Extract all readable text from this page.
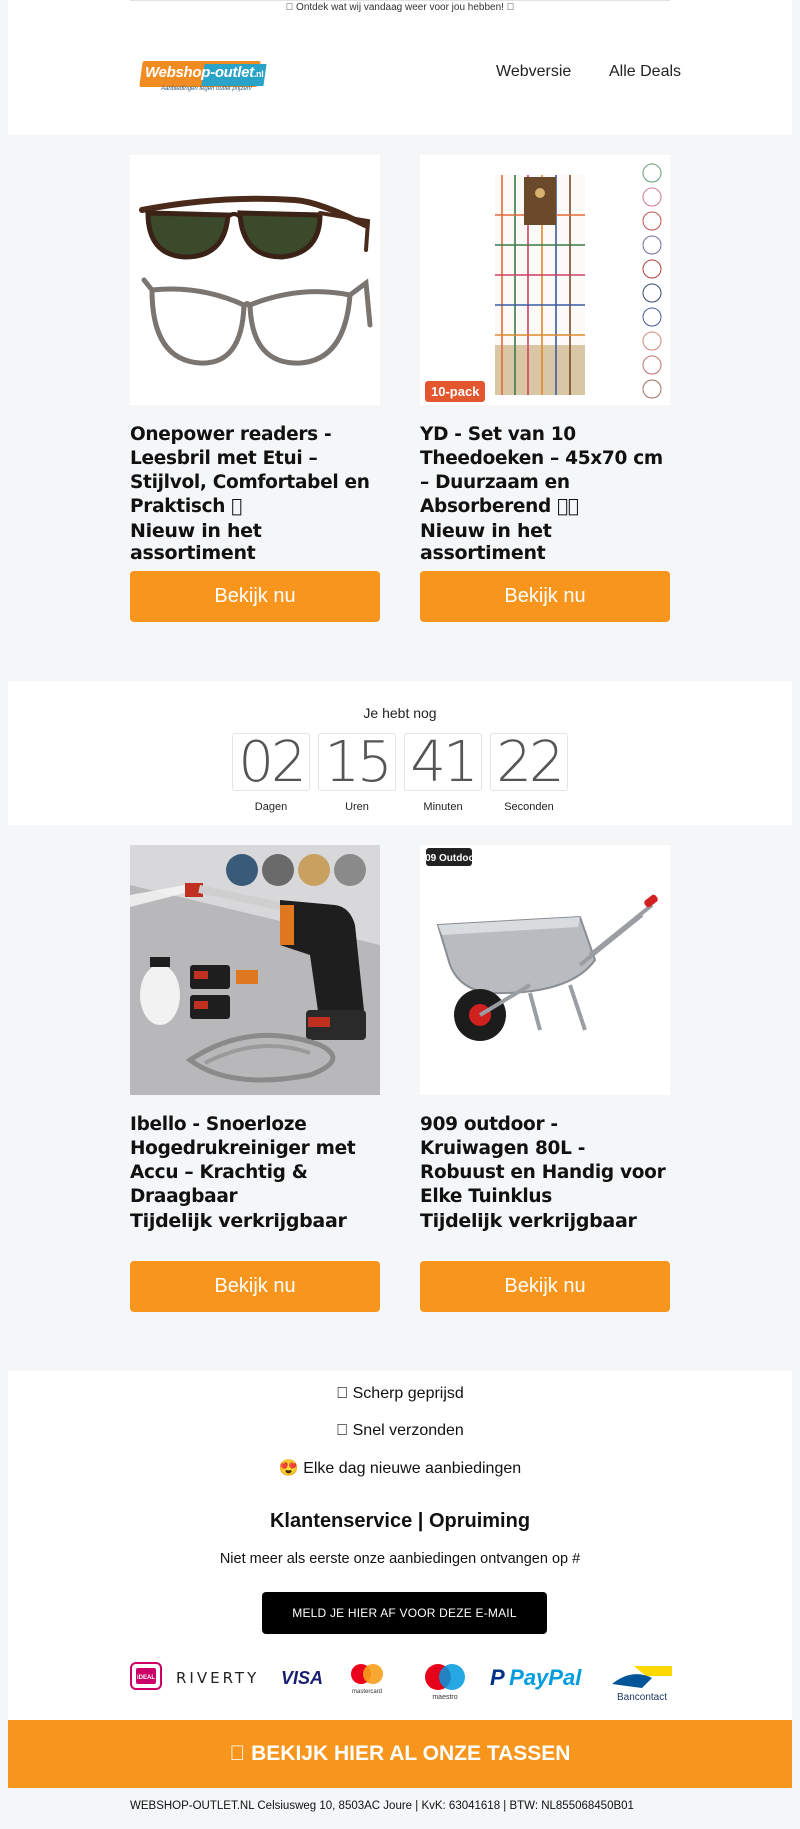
  Ontdek wat wij vandaag weer voor jou hebben!  
Webshop-outlet.nl
Aanbiedingen tegen outlet prijzen!
Webversie Alle Deals
Onepower readers - Leesbril met Etui – Stijlvol, Comfortabel en Praktisch  
Nieuw in het assortiment
Bekijk nu
10-pack
YD - Set van 10 Theedoeken – 45x70 cm – Duurzaam en Absorberend   
Nieuw in het assortiment
Bekijk nu
Je hebt nog
02 15 41 22
Dagen	Uren	Minuten	Seconden
Ibello - Snoerloze Hogedrukreiniger met Accu – Krachtig & Draagbaar
Tijdelijk verkrijgbaar
Bekijk nu
909 Outdoor
909 outdoor - Kruiwagen 80L - Robuust en Handig voor Elke Tuinklus
Tijdelijk verkrijgbaar
Bekijk nu
  Scherp geprijsd
  Snel verzonden
😍 Elke dag nieuwe aanbiedingen
Klantenservice | Opruiming
Niet meer als eerste onze aanbiedingen ontvangen op #
MELD JE HIER AF VOOR DEZE E-MAIL
iDEAL RIVERTY VISA
mastercard
maestro
P PayPal
Bancontact
  BEKIJK HIER AL ONZE TASSEN
WEBSHOP-OUTLET.NL Celsiusweg 10, 8503AC Joure | KvK: 63041618 | BTW: NL855068450B01
